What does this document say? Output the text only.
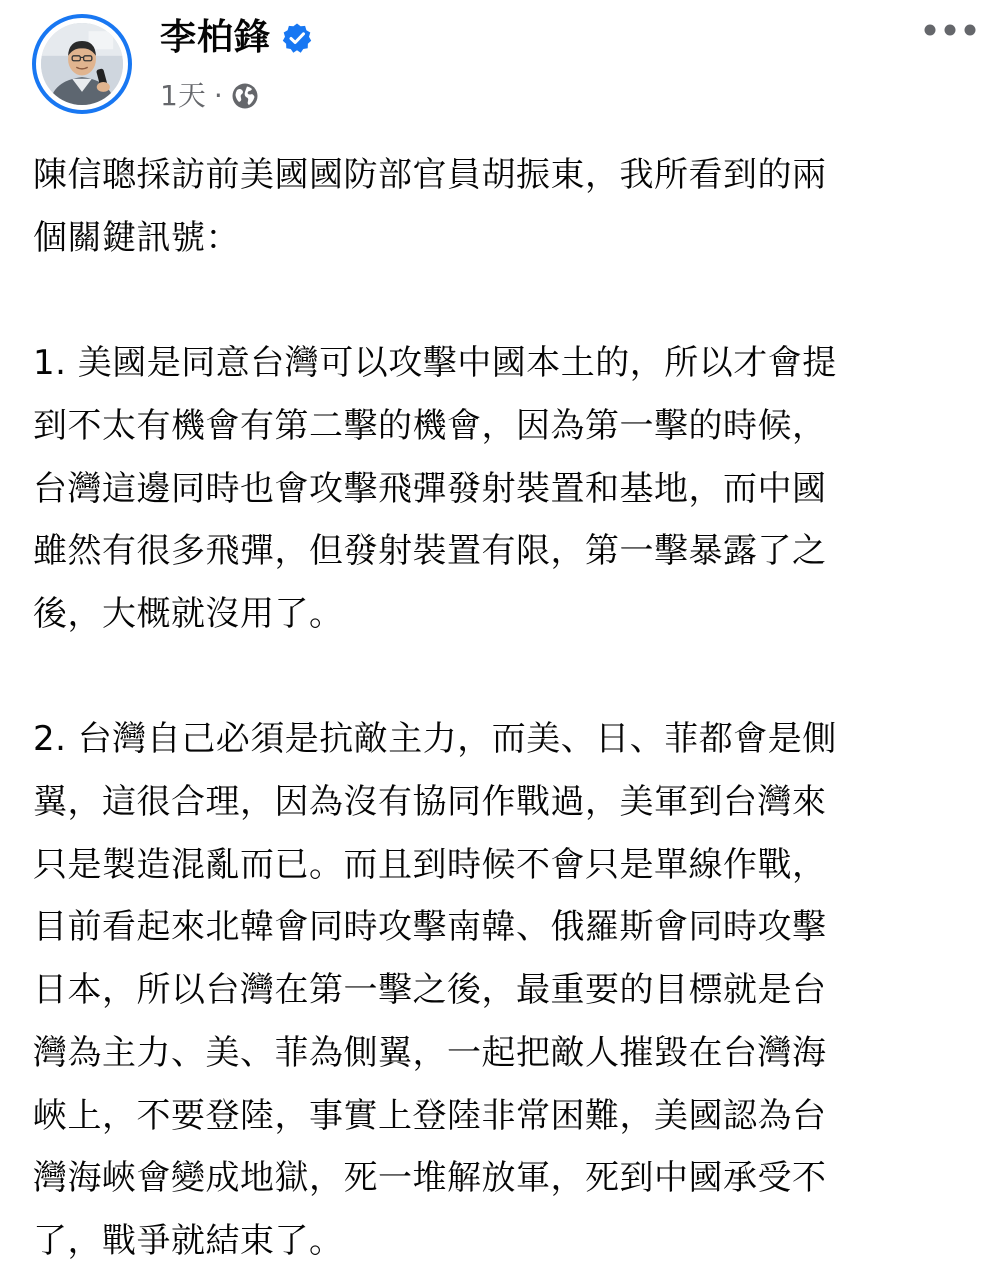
李柏鋒
1天 ·

陳信聰採訪前美國國防部官員胡振東，我所看到的兩
個關鍵訊號：

1. 美國是同意台灣可以攻擊中國本土的，所以才會提
到不太有機會有第二擊的機會，因為第一擊的時候，
台灣這邊同時也會攻擊飛彈發射裝置和基地，而中國
雖然有很多飛彈，但發射裝置有限，第一擊暴露了之
後，大概就沒用了。

2. 台灣自己必須是抗敵主力，而美、日、菲都會是側
翼，這很合理，因為沒有協同作戰過，美軍到台灣來
只是製造混亂而已。而且到時候不會只是單線作戰，
目前看起來北韓會同時攻擊南韓、俄羅斯會同時攻擊
日本，所以台灣在第一擊之後，最重要的目標就是台
灣為主力、美、菲為側翼，一起把敵人摧毀在台灣海
峽上，不要登陸，事實上登陸非常困難，美國認為台
灣海峽會變成地獄，死一堆解放軍，死到中國承受不
了，戰爭就結束了。
